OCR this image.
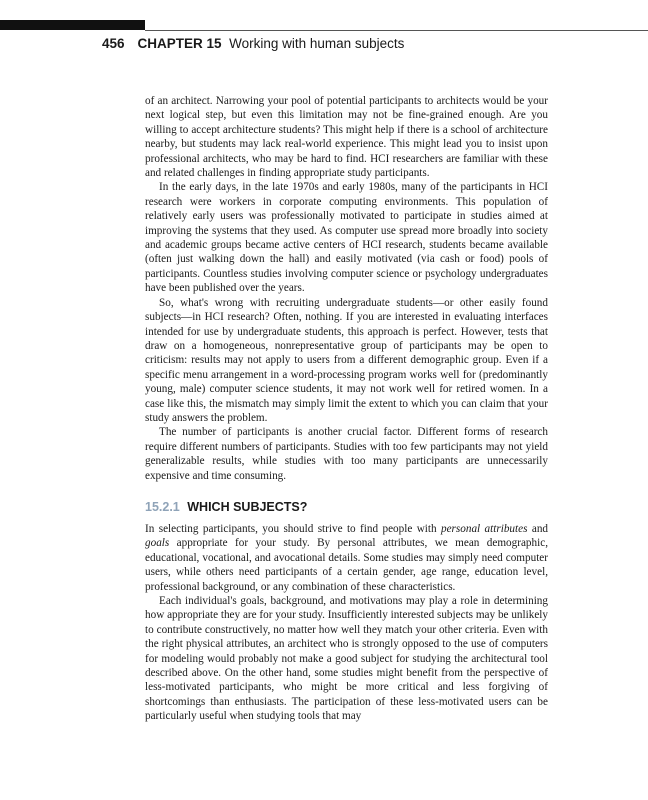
456 CHAPTER 15 Working with human subjects

of an architect. Narrowing your pool of potential participants to architects would be your next logical step, but even this limitation may not be fine-grained enough. Are you willing to accept architecture students? This might help if there is a school of architecture nearby, but students may lack real-world experience. This might lead you to insist upon professional architects, who may be hard to find. HCI researchers are familiar with these and related challenges in finding appropriate study participants.

In the early days, in the late 1970s and early 1980s, many of the participants in HCI research were workers in corporate computing environments. This population of relatively early users was professionally motivated to participate in studies aimed at improving the systems that they used. As computer use spread more broadly into society and academic groups became active centers of HCI research, students became available (often just walking down the hall) and easily motivated (via cash or food) pools of participants. Countless studies involving computer science or psychology undergraduates have been published over the years.

So, what's wrong with recruiting undergraduate students—or other easily found subjects—in HCI research? Often, nothing. If you are interested in evaluating interfaces intended for use by undergraduate students, this approach is perfect. However, tests that draw on a homogeneous, nonrepresentative group of participants may be open to criticism: results may not apply to users from a different demographic group. Even if a specific menu arrangement in a word-processing program works well for (predominantly young, male) computer science students, it may not work well for retired women. In a case like this, the mismatch may simply limit the extent to which you can claim that your study answers the problem.

The number of participants is another crucial factor. Different forms of research require different numbers of participants. Studies with too few participants may not yield generalizable results, while studies with too many participants are unnecessarily expensive and time consuming.

15.2.1 WHICH SUBJECTS?

In selecting participants, you should strive to find people with personal attributes and goals appropriate for your study. By personal attributes, we mean demographic, educational, vocational, and avocational details. Some studies may simply need computer users, while others need participants of a certain gender, age range, education level, professional background, or any combination of these characteristics.

Each individual's goals, background, and motivations may play a role in determining how appropriate they are for your study. Insufficiently interested subjects may be unlikely to contribute constructively, no matter how well they match your other criteria. Even with the right physical attributes, an architect who is strongly opposed to the use of computers for modeling would probably not make a good subject for studying the architectural tool described above. On the other hand, some studies might benefit from the perspective of less-motivated participants, who might be more critical and less forgiving of shortcomings than enthusiasts. The participation of these less-motivated users can be particularly useful when studying tools that may
